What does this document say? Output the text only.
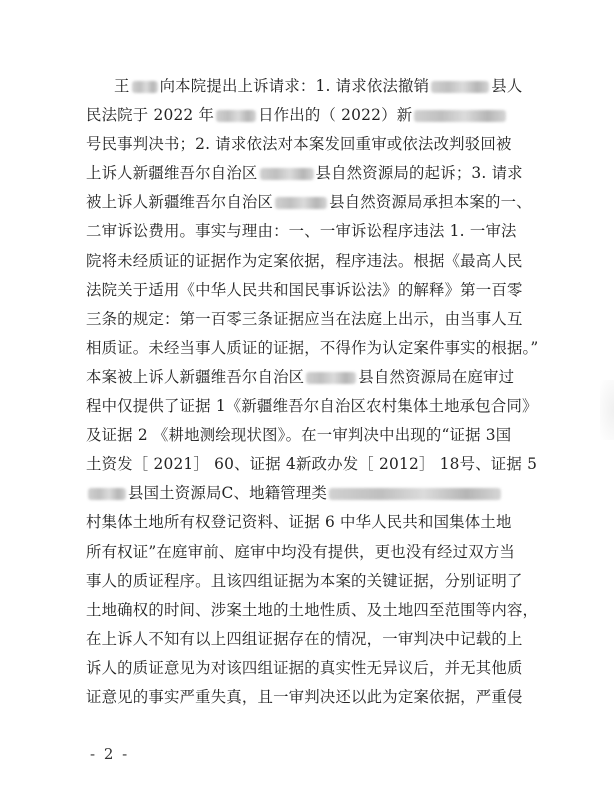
王 向本院提出上诉请求：1. 请求依法撤销	县人
民法院于 2022 年	日作出的（ 2022）新
号民事判决书；2. 请求依法对本案发回重审或依法改判驳回被
上诉人新疆维吾尔自治区	县自然资源局的起诉；3. 请求
被上诉人新疆维吾尔自治区	县自然资源局承担本案的一、
二审诉讼费用。事实与理由：一、一审诉讼程序违法 1. 一审法
院将未经质证的证据作为定案依据，程序违法。根据《最高人民
法院关于适用《中华人民共和国民事诉讼法》的解释》第一百零
三条的规定：第一百零三条证据应当在法庭上出示，由当事人互
相质证。未经当事人质证的证据，不得作为认定案件事实的根据。”
本案被上诉人新疆维吾尔自治区	县自然资源局在庭审过
程中仅提供了证据 1《新疆维吾尔自治区农村集体土地承包合同》
及证据 2 《耕地测绘现状图》。在一审判决中出现的“证据 3国
土资发［ 2021］ 60、证据 4新政办发［ 2012］ 18号、证据 5
县国土资源局C、地籍管理类
村集体土地所有权登记资料、证据 6 中华人民共和国集体土地
所有权证”在庭审前、庭审中均没有提供，更也没有经过双方当
事人的质证程序。且该四组证据为本案的关键证据，分别证明了
土地确权的时间、涉案土地的土地性质、及土地四至范围等内容，
在上诉人不知有以上四组证据存在的情况，一审判决中记载的上
诉人的质证意见为对该四组证据的真实性无异议后，并无其他质
证意见的事实严重失真，且一审判决还以此为定案依据，严重侵
- 2 -
